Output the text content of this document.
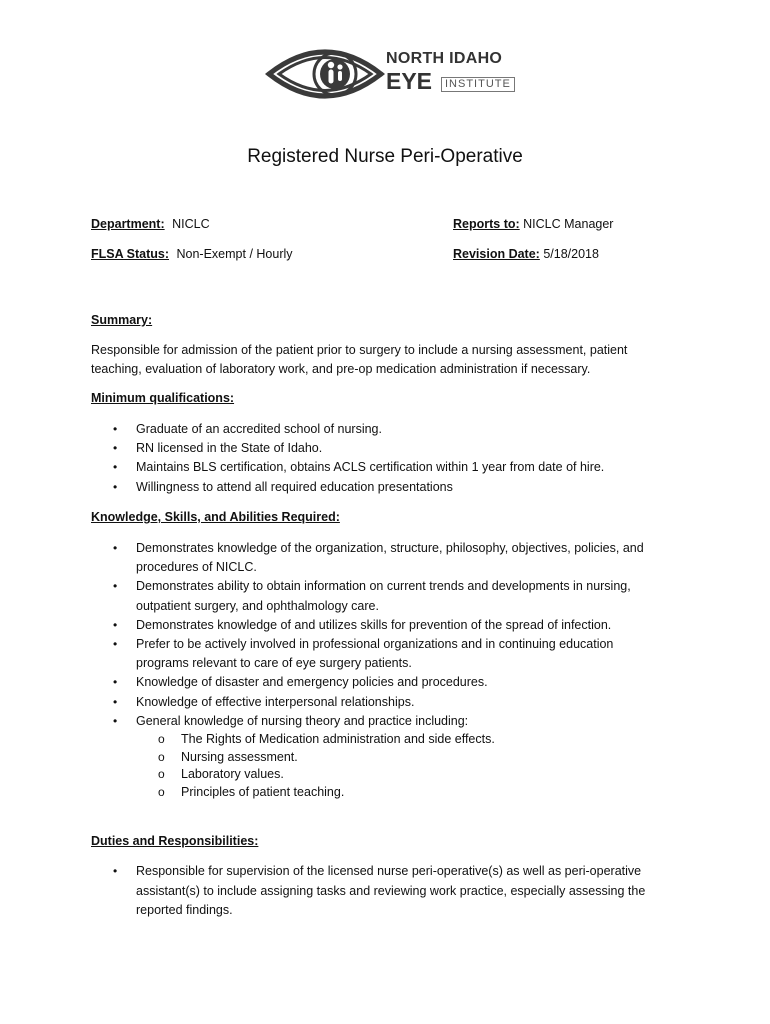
NORTH IDAHO
EYE	INSTITUTE
Registered Nurse Peri-Operative
Department: NICLC	Reports to: NICLC Manager
FLSA Status: Non-Exempt / Hourly	Revision Date: 5/18/2018
Summary:
Responsible for admission of the patient prior to surgery to include a nursing assessment, patient teaching, evaluation of laboratory work, and pre-op medication administration if necessary.
Minimum qualifications:
• Graduate of an accredited school of nursing.
• RN licensed in the State of Idaho.
• Maintains BLS certification, obtains ACLS certification within 1 year from date of hire.
• Willingness to attend all required education presentations
Knowledge, Skills, and Abilities Required:
• Demonstrates knowledge of the organization, structure, philosophy, objectives, policies, and procedures of NICLC.
• Demonstrates ability to obtain information on current trends and developments in nursing, outpatient surgery, and ophthalmology care.
• Demonstrates knowledge of and utilizes skills for prevention of the spread of infection.
• Prefer to be actively involved in professional organizations and in continuing education programs relevant to care of eye surgery patients.
• Knowledge of disaster and emergency policies and procedures.
• Knowledge of effective interpersonal relationships.
• General knowledge of nursing theory and practice including:
o The Rights of Medication administration and side effects.
o Nursing assessment.
o Laboratory values.
o Principles of patient teaching.
Duties and Responsibilities:
• Responsible for supervision of the licensed nurse peri-operative(s) as well as peri-operative assistant(s) to include assigning tasks and reviewing work practice, especially assessing the reported findings.
